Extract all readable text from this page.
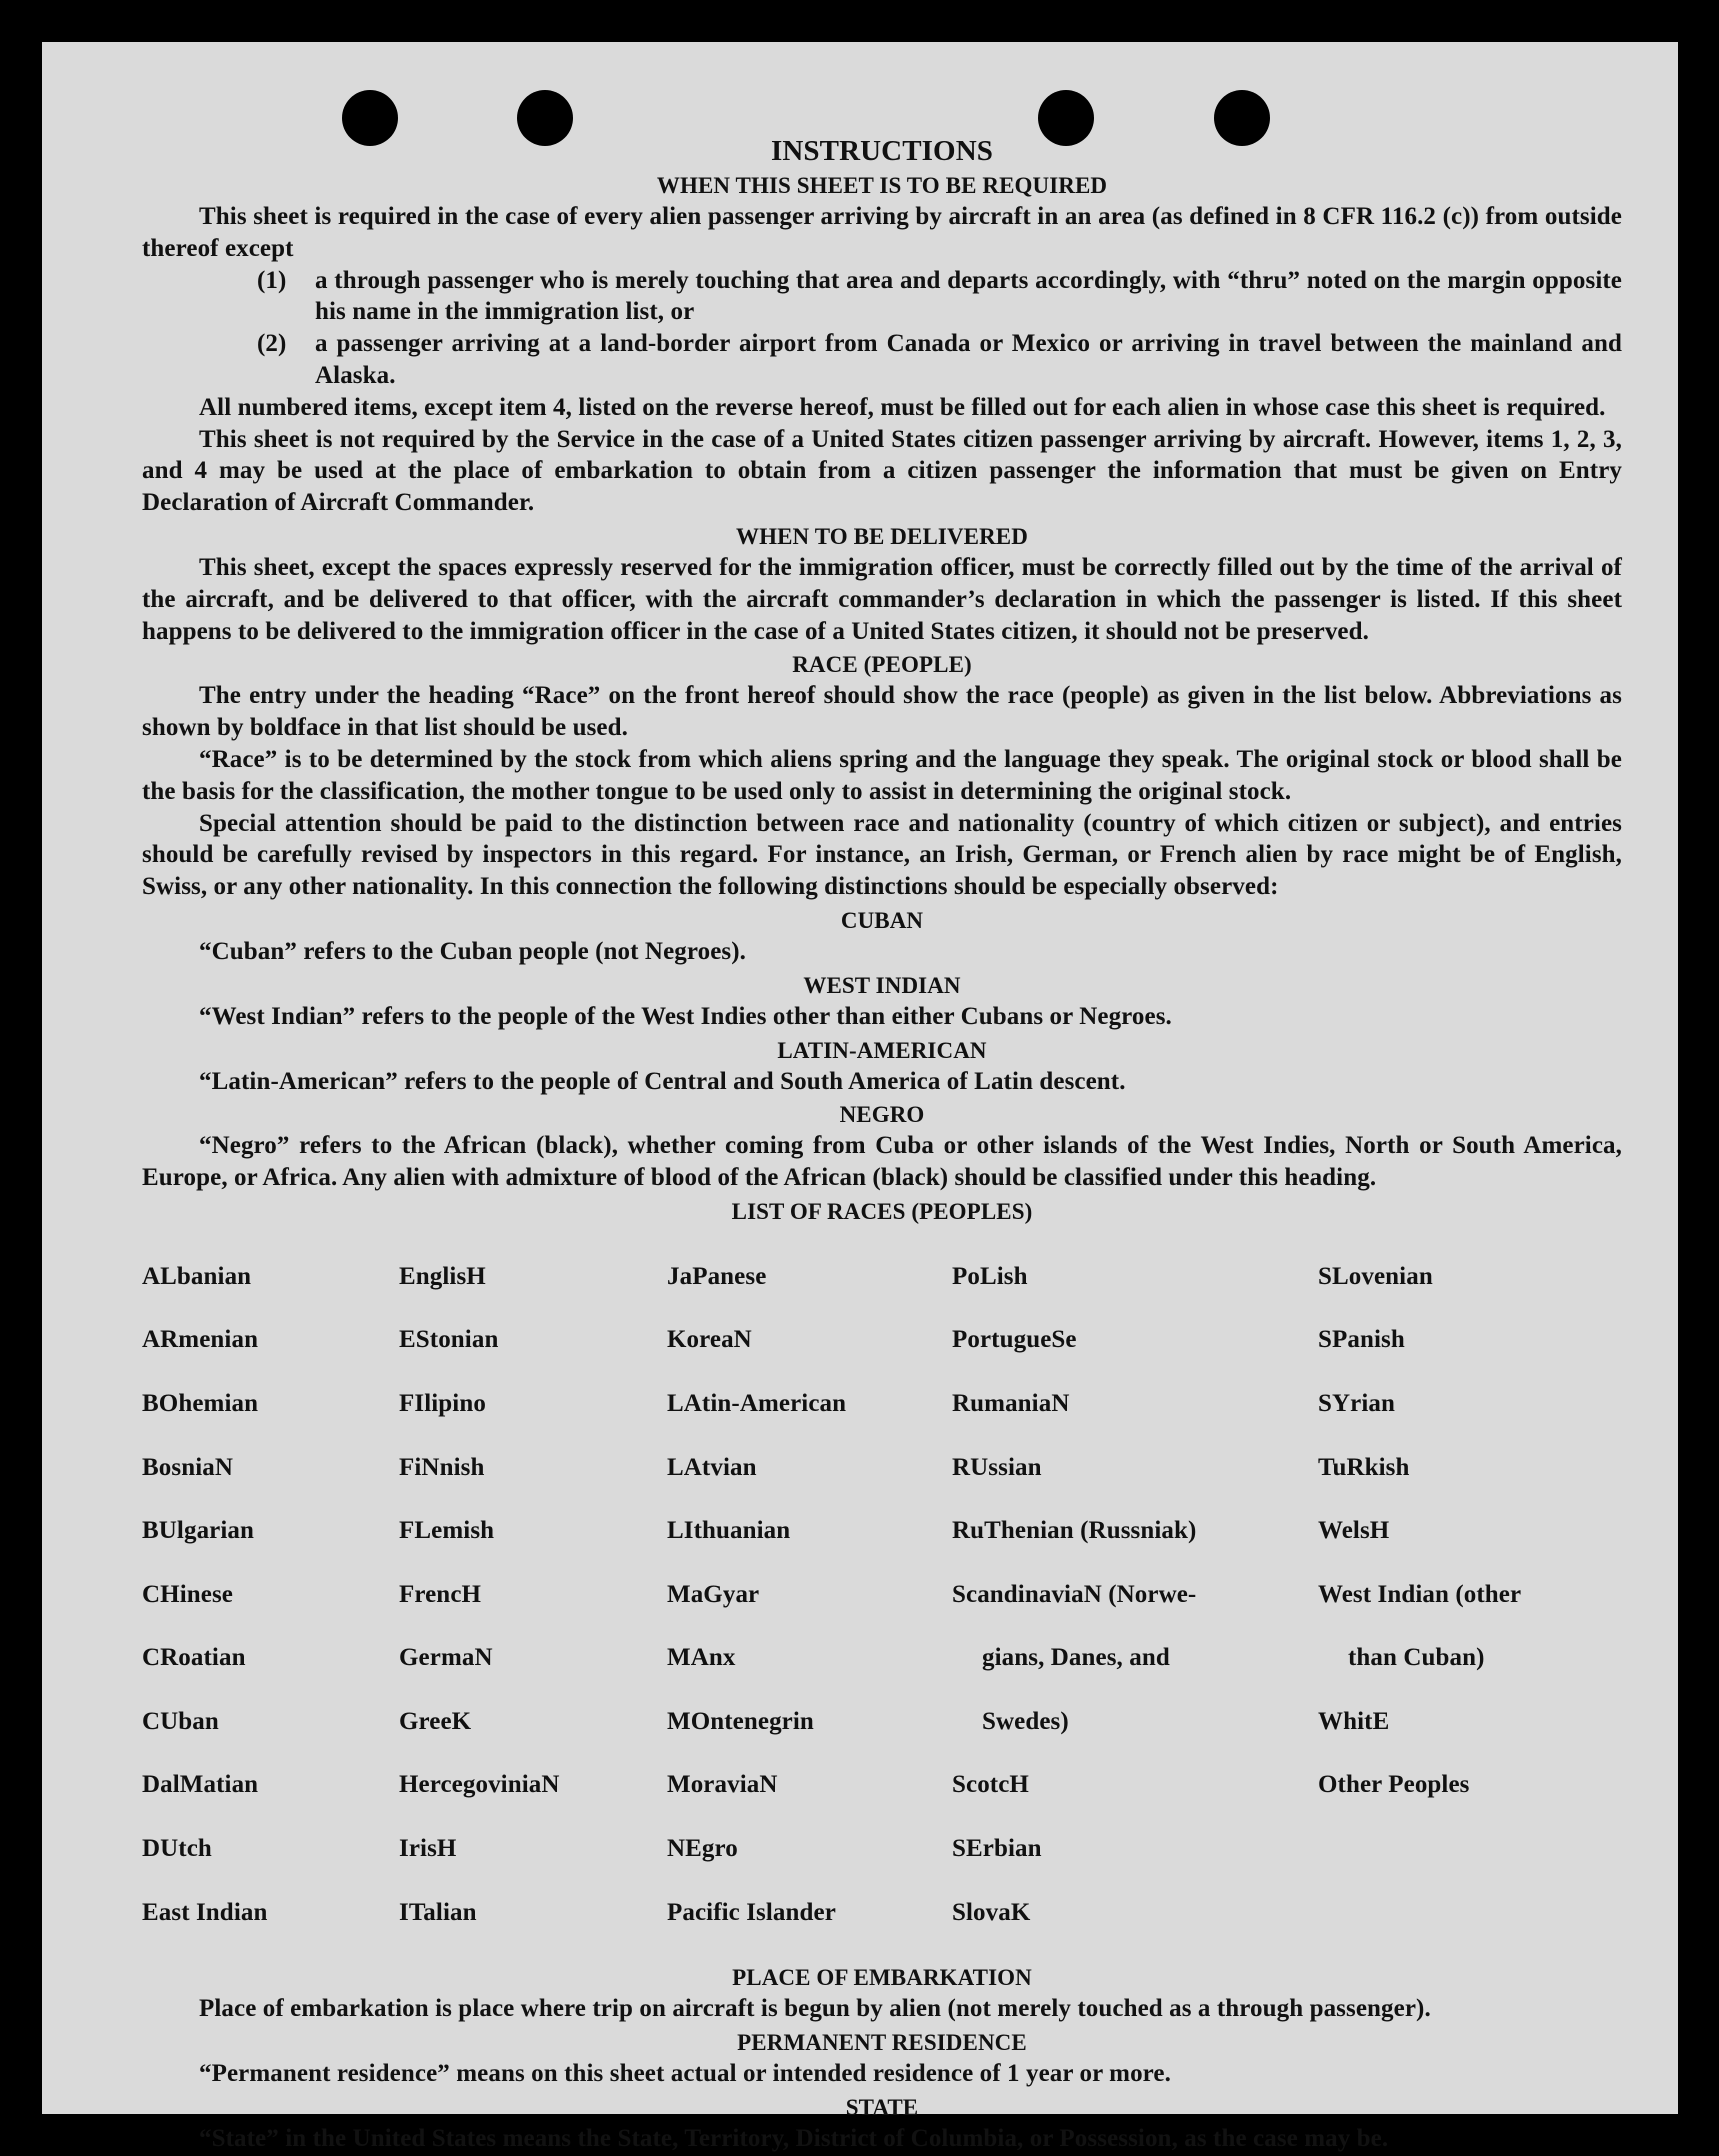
INSTRUCTIONS
WHEN THIS SHEET IS TO BE REQUIRED

This sheet is required in the case of every alien passenger arriving by aircraft in an area (as defined in 8 CFR 116.2 (c)) from outside thereof except

(1)	a through passenger who is merely touching that area and departs accordingly, with “thru” noted on the margin opposite his name in the immigration list, or
(2)	a passenger arriving at a land-border airport from Canada or Mexico or arriving in travel between the mainland and Alaska.

All numbered items, except item 4, listed on the reverse hereof, must be filled out for each alien in whose case this sheet is required.

This sheet is not required by the Service in the case of a United States citizen passenger arriving by aircraft. However, items 1, 2, 3, and 4 may be used at the place of embarkation to obtain from a citizen passenger the information that must be given on Entry Declaration of Aircraft Commander.

WHEN TO BE DELIVERED

This sheet, except the spaces expressly reserved for the immigration officer, must be correctly filled out by the time of the arrival of the aircraft, and be delivered to that officer, with the aircraft commander’s declaration in which the passenger is listed. If this sheet happens to be delivered to the immigration officer in the case of a United States citizen, it should not be preserved.

RACE (PEOPLE)

The entry under the heading “Race” on the front hereof should show the race (people) as given in the list below. Abbreviations as shown by boldface in that list should be used.

“Race” is to be determined by the stock from which aliens spring and the language they speak. The original stock or blood shall be the basis for the classification, the mother tongue to be used only to assist in determining the original stock.

Special attention should be paid to the distinction between race and nationality (country of which citizen or subject), and entries should be carefully revised by inspectors in this regard. For instance, an Irish, German, or French alien by race might be of English, Swiss, or any other nationality. In this connection the following distinctions should be especially observed:

CUBAN

“Cuban” refers to the Cuban people (not Negroes).

WEST INDIAN

“West Indian” refers to the people of the West Indies other than either Cubans or Negroes.

LATIN-AMERICAN

“Latin-American” refers to the people of Central and South America of Latin descent.

NEGRO

“Negro” refers to the African (black), whether coming from Cuba or other islands of the West Indies, North or South America, Europe, or Africa. Any alien with admixture of blood of the African (black) should be classified under this heading.

LIST OF RACES (PEOPLES)

ALbanian

ARmenian

BOhemian

BosniaN

BUlgarian

CHinese

CRoatian

CUban

DalMatian

DUtch

East Indian

EnglisH

EStonian

FIlipino

FiNnish

FLemish

FrencH

GermaN

GreeK

HercegoviniaN

IrisH

ITalian

JaPanese

KoreaN

LAtin-American

LAtvian

LIthuanian

MaGyar

MAnx

MOntenegrin

MoraviaN

NEgro

Pacific Islander

PoLish

PortugueSe

RumaniaN

RUssian

RuThenian (Russniak)

ScandinaviaN (Norwe-

gians, Danes, and

Swedes)

ScotcH

SErbian

SlovaK

SLovenian

SPanish

SYrian

TuRkish

WelsH

West Indian (other

than Cuban)

WhitE

Other Peoples

PLACE OF EMBARKATION

Place of embarkation is place where trip on aircraft is begun by alien (not merely touched as a through passenger).

PERMANENT RESIDENCE

“Permanent residence” means on this sheet actual or intended residence of 1 year or more.

STATE

“State” in the United States means the State, Territory, District of Columbia, or Possession, as the case may be.
